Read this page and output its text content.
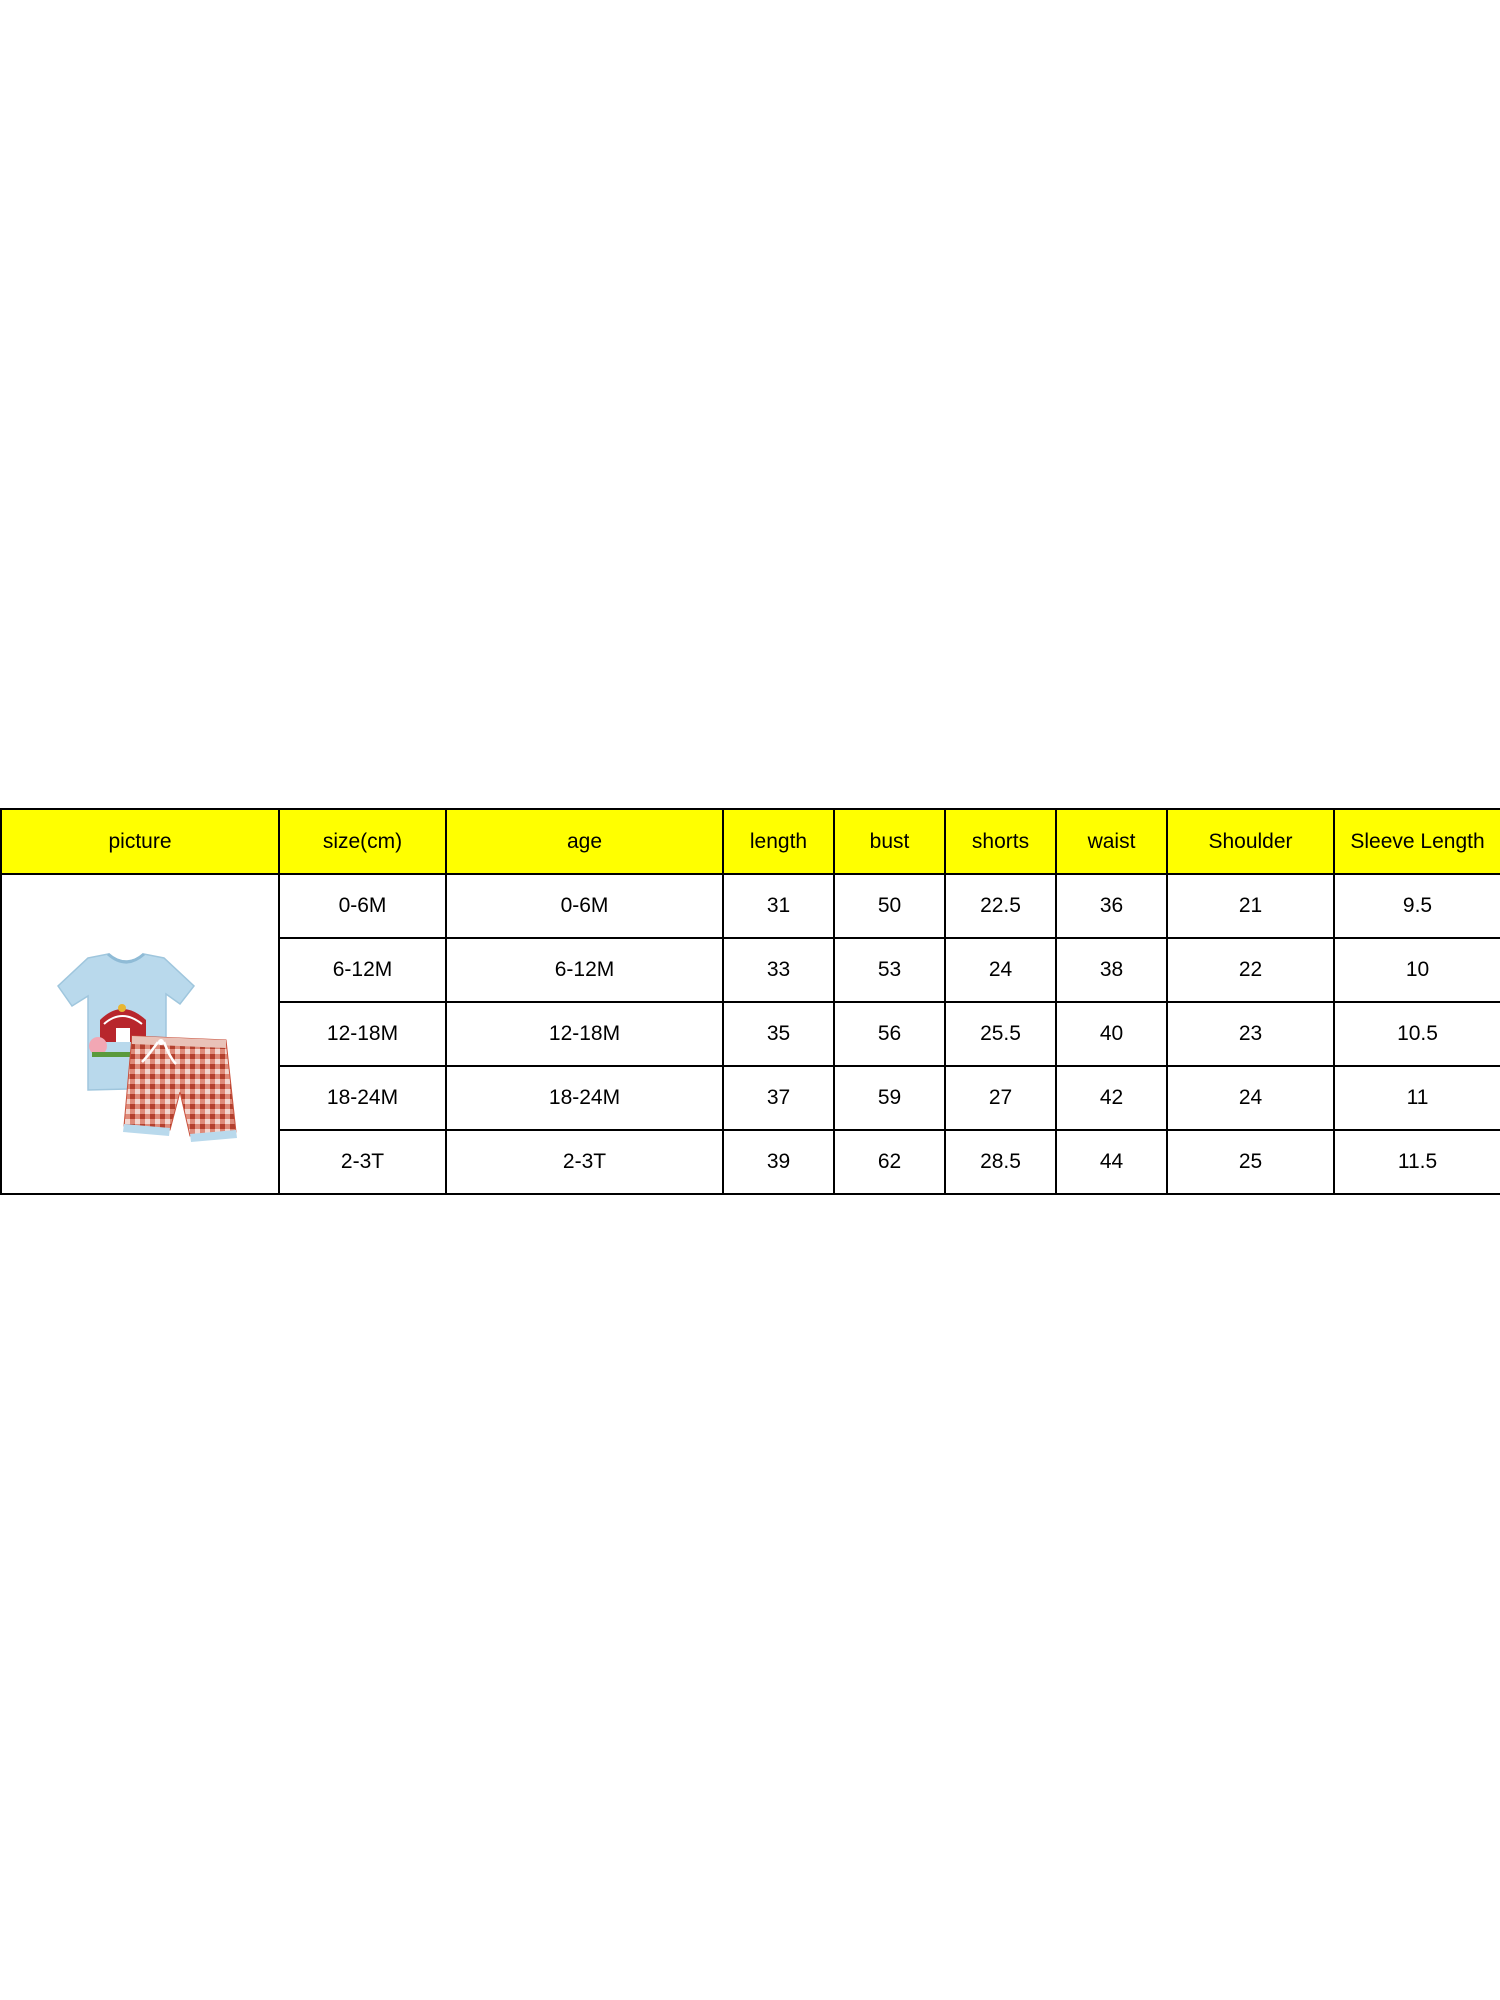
picture	size(cm)	age	length	bust	shorts	waist	Shoulder	Sleeve Length

	0-6M	0-6M	31	50	22.5	36	21	9.5
	6-12M	6-12M	33	53	24	38	22	10
	12-18M	12-18M	35	56	25.5	40	23	10.5
	18-24M	18-24M	37	59	27	42	24	11
	2-3T	2-3T	39	62	28.5	44	25	11.5
